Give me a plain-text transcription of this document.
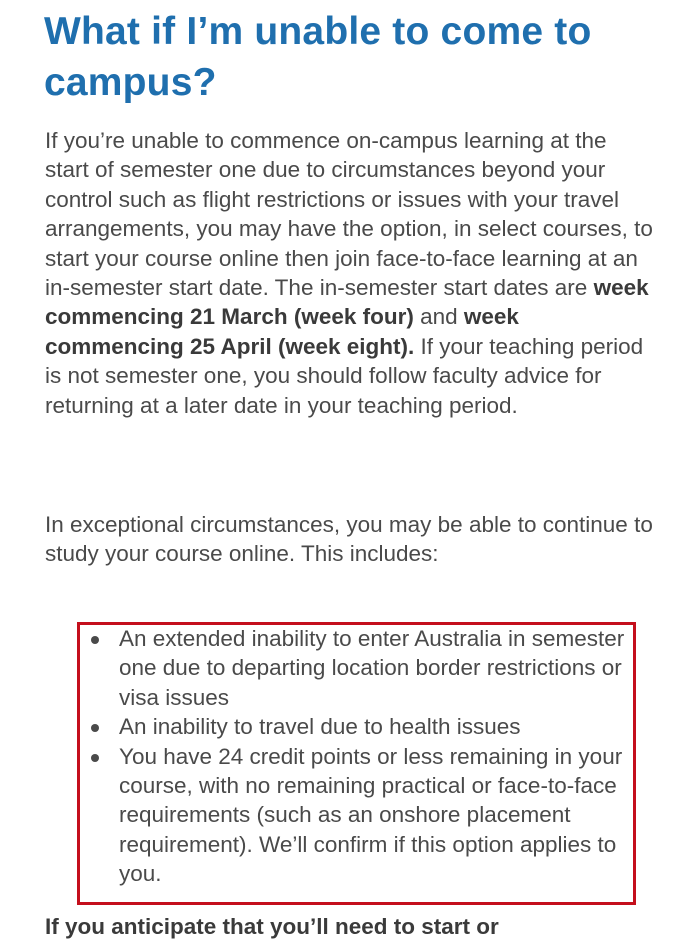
What if I’m unable to come to campus?

If you’re unable to commence on-campus learning at the start of semester one due to circumstances beyond your control such as flight restrictions or issues with your travel arrangements, you may have the option, in select courses, to start your course online then join face-to-face learning at an in-semester start date. The in-semester start dates are week commencing 21 March (week four) and week commencing 25 April (week eight). If your teaching period is not semester one, you should follow faculty advice for returning at a later date in your teaching period.

In exceptional circumstances, you may be able to continue to study your course online. This includes:

An extended inability to enter Australia in semester one due to departing location border restrictions or visa issues
An inability to travel due to health issues
You have 24 credit points or less remaining in your course, with no remaining practical or face-to-face requirements (such as an onshore placement requirement). We’ll confirm if this option applies to you.

If you anticipate that you’ll need to start or
